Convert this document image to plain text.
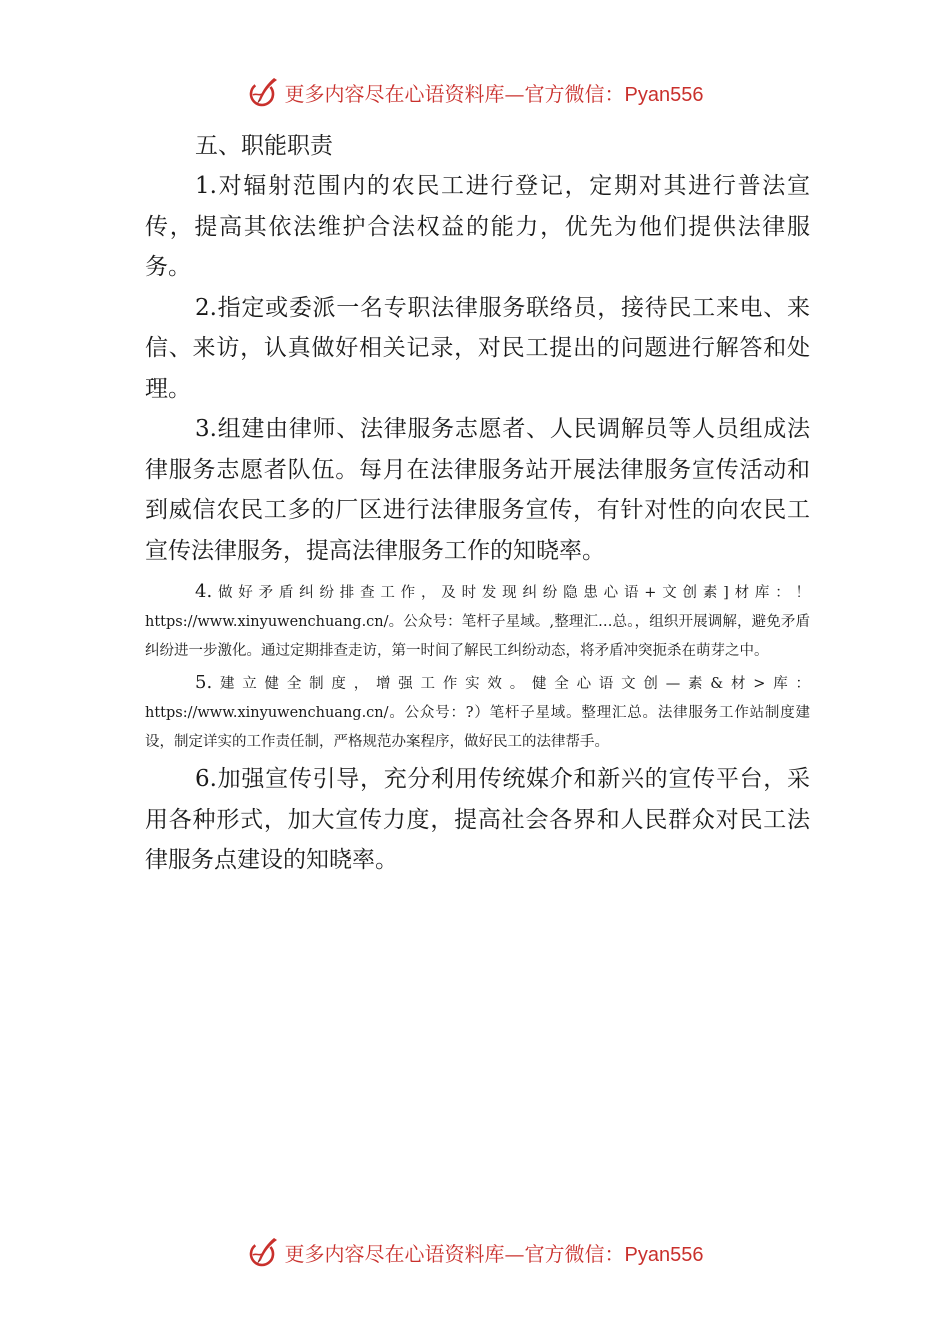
更多内容尽在心语资料库—官方微信：Pyan556

五、职能职责

1.对辐射范围内的农民工进行登记，定期对其进行普法宣传，提高其依法维护合法权益的能力，优先为他们提供法律服务。

2.指定或委派一名专职法律服务联络员，接待民工来电、来信、来访，认真做好相关记录，对民工提出的问题进行解答和处理。

3.组建由律师、法律服务志愿者、人民调解员等人员组成法律服务志愿者队伍。每月在法律服务站开展法律服务宣传活动和到威信农民工多的厂区进行法律服务宣传，有针对性的向农民工宣传法律服务，提高法律服务工作的知晓率。

4.做好矛盾纠纷排查工作，及时发现纠纷隐患心语+文创素]材库：！https://www.xinyuwenchuang.cn/。公众号：笔杆子星域。,整理汇…总。，组织开展调解，避免矛盾纠纷进一步激化。通过定期排查走访，第一时间了解民工纠纷动态，将矛盾冲突扼杀在萌芽之中。

5.建立健全制度，增强工作实效。健全心语文创—素&材>库：https://www.xinyuwenchuang.cn/。公众号：?）笔杆子星域。整理汇总。法律服务工作站制度建设，制定详实的工作责任制，严格规范办案程序，做好民工的法律帮手。

6.加强宣传引导，充分利用传统媒介和新兴的宣传平台，采用各种形式，加大宣传力度，提高社会各界和人民群众对民工法律服务点建设的知晓率。

更多内容尽在心语资料库—官方微信：Pyan556
